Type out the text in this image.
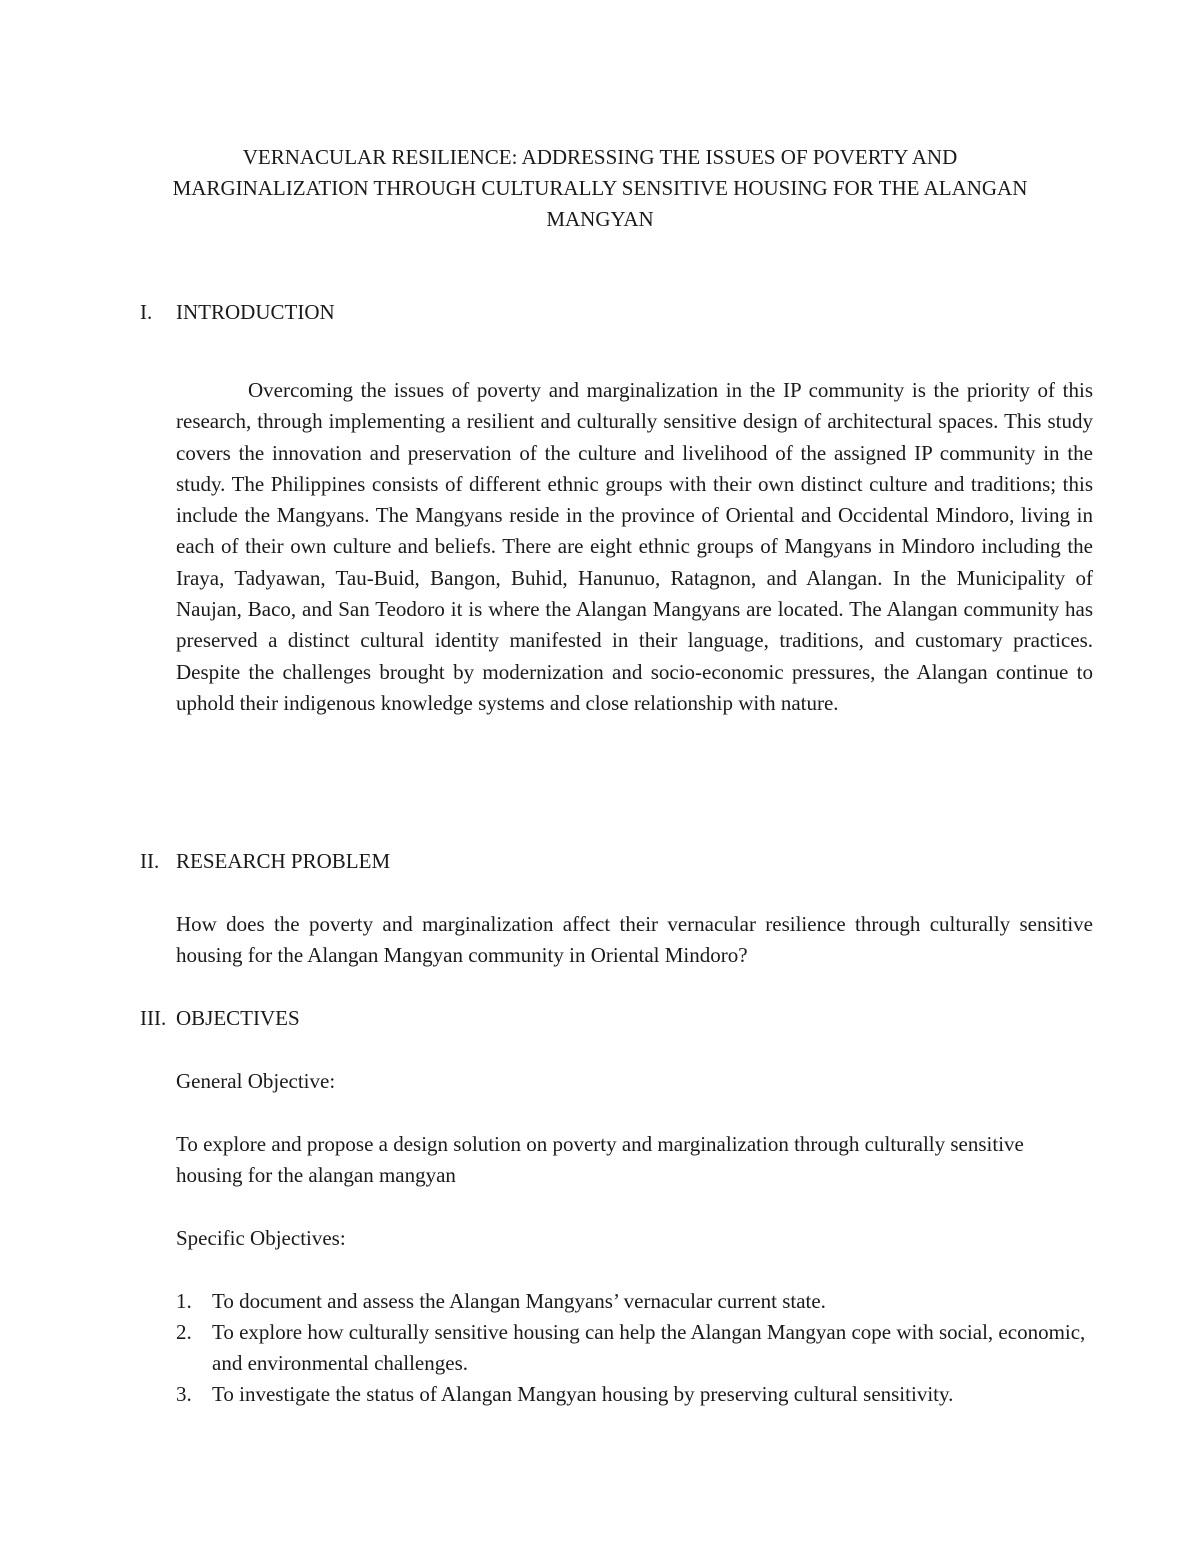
VERNACULAR RESILIENCE: ADDRESSING THE ISSUES OF POVERTY AND
MARGINALIZATION THROUGH CULTURALLY SENSITIVE HOUSING FOR THE ALANGAN
MANGYAN
I. INTRODUCTION

Overcoming the issues of poverty and marginalization in the IP community is the priority of this research, through implementing a resilient and culturally sensitive design of architectural spaces. This study covers the innovation and preservation of the culture and livelihood of the assigned IP community in the study. The Philippines consists of different ethnic groups with their own distinct culture and traditions; this include the Mangyans. The Mangyans reside in the province of Oriental and Occidental Mindoro, living in each of their own culture and beliefs. There are eight ethnic groups of Mangyans in Mindoro including the Iraya, Tadyawan, Tau-Buid, Bangon, Buhid, Hanunuo, Ratagnon, and Alangan. In the Municipality of Naujan, Baco, and San Teodoro it is where the Alangan Mangyans are located. The Alangan community has preserved a distinct cultural identity manifested in their language, traditions, and customary practices. Despite the challenges brought by modernization and socio-economic pressures, the Alangan continue to uphold their indigenous knowledge systems and close relationship with nature.

II. RESEARCH PROBLEM

How does the poverty and marginalization affect their vernacular resilience through culturally sensitive housing for the Alangan Mangyan community in Oriental Mindoro?

III. OBJECTIVES
General Objective:

To explore and propose a design solution on poverty and marginalization through culturally sensitive housing for the alangan mangyan

Specific Objectives:
1. To document and assess the Alangan Mangyans’ vernacular current state.
2. To explore how culturally sensitive housing can help the Alangan Mangyan cope with social, economic, and environmental challenges.
3. To investigate the status of Alangan Mangyan housing by preserving cultural sensitivity.
